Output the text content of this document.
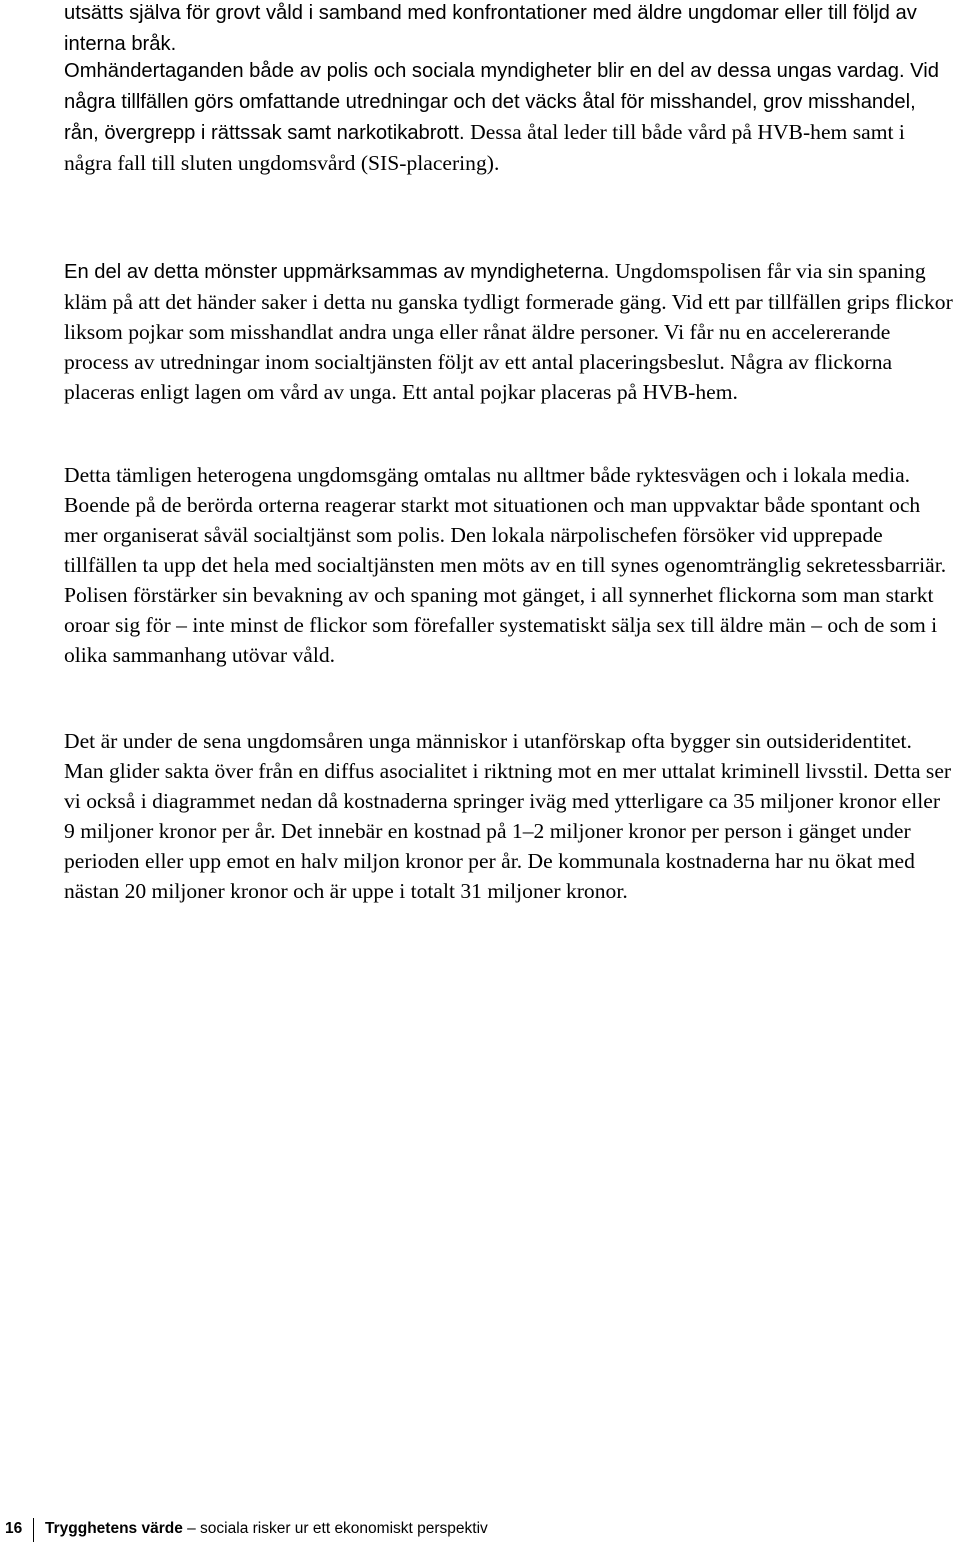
utsätts själva för grovt våld i samband med konfrontationer med äldre ungdomar eller till följd av interna bråk.

Omhändertaganden både av polis och sociala myndigheter blir en del av dessa ungas vardag. Vid några tillfällen görs omfattande utredningar och det väcks åtal för misshandel, grov misshandel, rån, övergrepp i rättssak samt narkotikabrott. Dessa åtal leder till både vård på HVB-hem samt i några fall till sluten ungdomsvård (SIS-placering).

En del av detta mönster uppmärksammas av myndigheterna. Ungdomspolisen får via sin spaning kläm på att det händer saker i detta nu ganska tydligt formerade gäng. Vid ett par tillfällen grips flickor liksom pojkar som misshandlat andra unga eller rånat äldre personer. Vi får nu en accelererande process av utredningar inom socialtjänsten följt av ett antal placeringsbeslut. Några av flickorna placeras enligt lagen om vård av unga. Ett antal pojkar placeras på HVB-hem.

Detta tämligen heterogena ungdomsgäng omtalas nu alltmer både ryktesvägen och i lokala media. Boende på de berörda orterna reagerar starkt mot situationen och man uppvaktar både spontant och mer organiserat såväl socialtjänst som polis. Den lokala närpolischefen försöker vid upprepade tillfällen ta upp det hela med socialtjänsten men möts av en till synes ogenomtränglig sekretessbarriär. Polisen förstärker sin bevakning av och spaning mot gänget, i all synnerhet flickorna som man starkt oroar sig för – inte minst de flickor som förefaller systematiskt sälja sex till äldre män – och de som i olika sammanhang utövar våld.

Det är under de sena ungdomsåren unga människor i utanförskap ofta bygger sin outsideridentitet. Man glider sakta över från en diffus asocialitet i riktning mot en mer uttalat kriminell livsstil. Detta ser vi också i diagrammet nedan då kostnaderna springer iväg med ytterligare ca 35 miljoner kronor eller 9 miljoner kronor per år. Det innebär en kostnad på 1–2 miljoner kronor per person i gänget under perioden eller upp emot en halv miljon kronor per år. De kommunala kostnaderna har nu ökat med nästan 20 miljoner kronor och är uppe i totalt 31 miljoner kronor.

16 Trygghetens värde – sociala risker ur ett ekonomiskt perspektiv
